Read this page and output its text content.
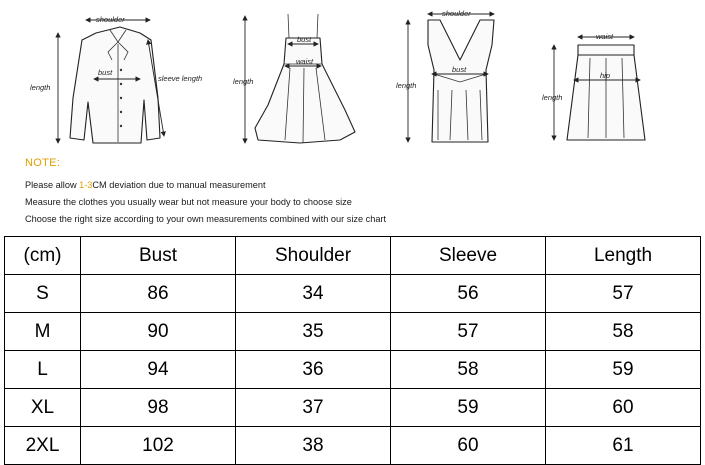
shoulder
bust
length
sleeve length
bust
waist
length
shoulder
bust
length
waist
hip
length
NOTE:
Please allow 1-3CM deviation due to manual measurement
Measure the clothes you usually wear but not measure your body to choose size
Choose the right size according to your own measurements combined with our size chart
(cm)	Bust	Shoulder	Sleeve	Length
S	86	34	56	57
M	90	35	57	58
L	94	36	58	59
XL	98	37	59	60
2XL	102	38	60	61
